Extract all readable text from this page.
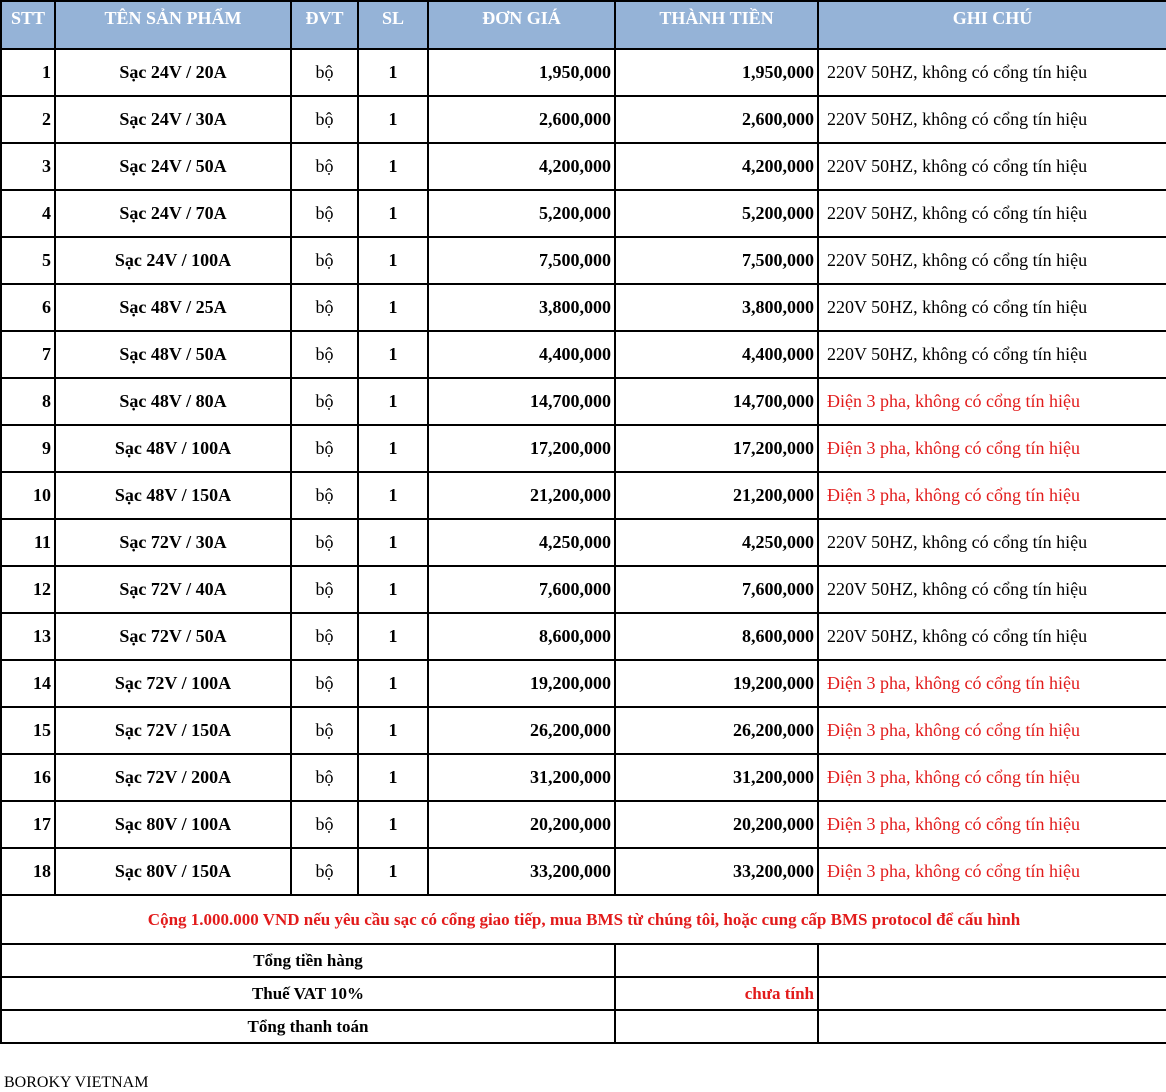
STT	TÊN SẢN PHẨM	ĐVT	SL	ĐƠN GIÁ	THÀNH TIỀN	GHI CHÚ
1	Sạc 24V / 20A	bộ	1	1,950,000	1,950,000	220V 50HZ, không có cổng tín hiệu
2	Sạc 24V / 30A	bộ	1	2,600,000	2,600,000	220V 50HZ, không có cổng tín hiệu
3	Sạc 24V / 50A	bộ	1	4,200,000	4,200,000	220V 50HZ, không có cổng tín hiệu
4	Sạc 24V / 70A	bộ	1	5,200,000	5,200,000	220V 50HZ, không có cổng tín hiệu
5	Sạc 24V / 100A	bộ	1	7,500,000	7,500,000	220V 50HZ, không có cổng tín hiệu
6	Sạc 48V / 25A	bộ	1	3,800,000	3,800,000	220V 50HZ, không có cổng tín hiệu
7	Sạc 48V / 50A	bộ	1	4,400,000	4,400,000	220V 50HZ, không có cổng tín hiệu
8	Sạc 48V / 80A	bộ	1	14,700,000	14,700,000	Điện 3 pha, không có cổng tín hiệu
9	Sạc 48V / 100A	bộ	1	17,200,000	17,200,000	Điện 3 pha, không có cổng tín hiệu
10	Sạc 48V / 150A	bộ	1	21,200,000	21,200,000	Điện 3 pha, không có cổng tín hiệu
11	Sạc 72V / 30A	bộ	1	4,250,000	4,250,000	220V 50HZ, không có cổng tín hiệu
12	Sạc 72V / 40A	bộ	1	7,600,000	7,600,000	220V 50HZ, không có cổng tín hiệu
13	Sạc 72V / 50A	bộ	1	8,600,000	8,600,000	220V 50HZ, không có cổng tín hiệu
14	Sạc 72V / 100A	bộ	1	19,200,000	19,200,000	Điện 3 pha, không có cổng tín hiệu
15	Sạc 72V / 150A	bộ	1	26,200,000	26,200,000	Điện 3 pha, không có cổng tín hiệu
16	Sạc 72V / 200A	bộ	1	31,200,000	31,200,000	Điện 3 pha, không có cổng tín hiệu
17	Sạc 80V / 100A	bộ	1	20,200,000	20,200,000	Điện 3 pha, không có cổng tín hiệu
18	Sạc 80V / 150A	bộ	1	33,200,000	33,200,000	Điện 3 pha, không có cổng tín hiệu
Cộng 1.000.000 VND nếu yêu cầu sạc có cổng giao tiếp, mua BMS từ chúng tôi, hoặc cung cấp BMS protocol để cấu hình						
Tổng tiền hàng						
Thuế VAT 10%					chưa tính	
Tổng thanh toán						
BOROKY VIETNAM
